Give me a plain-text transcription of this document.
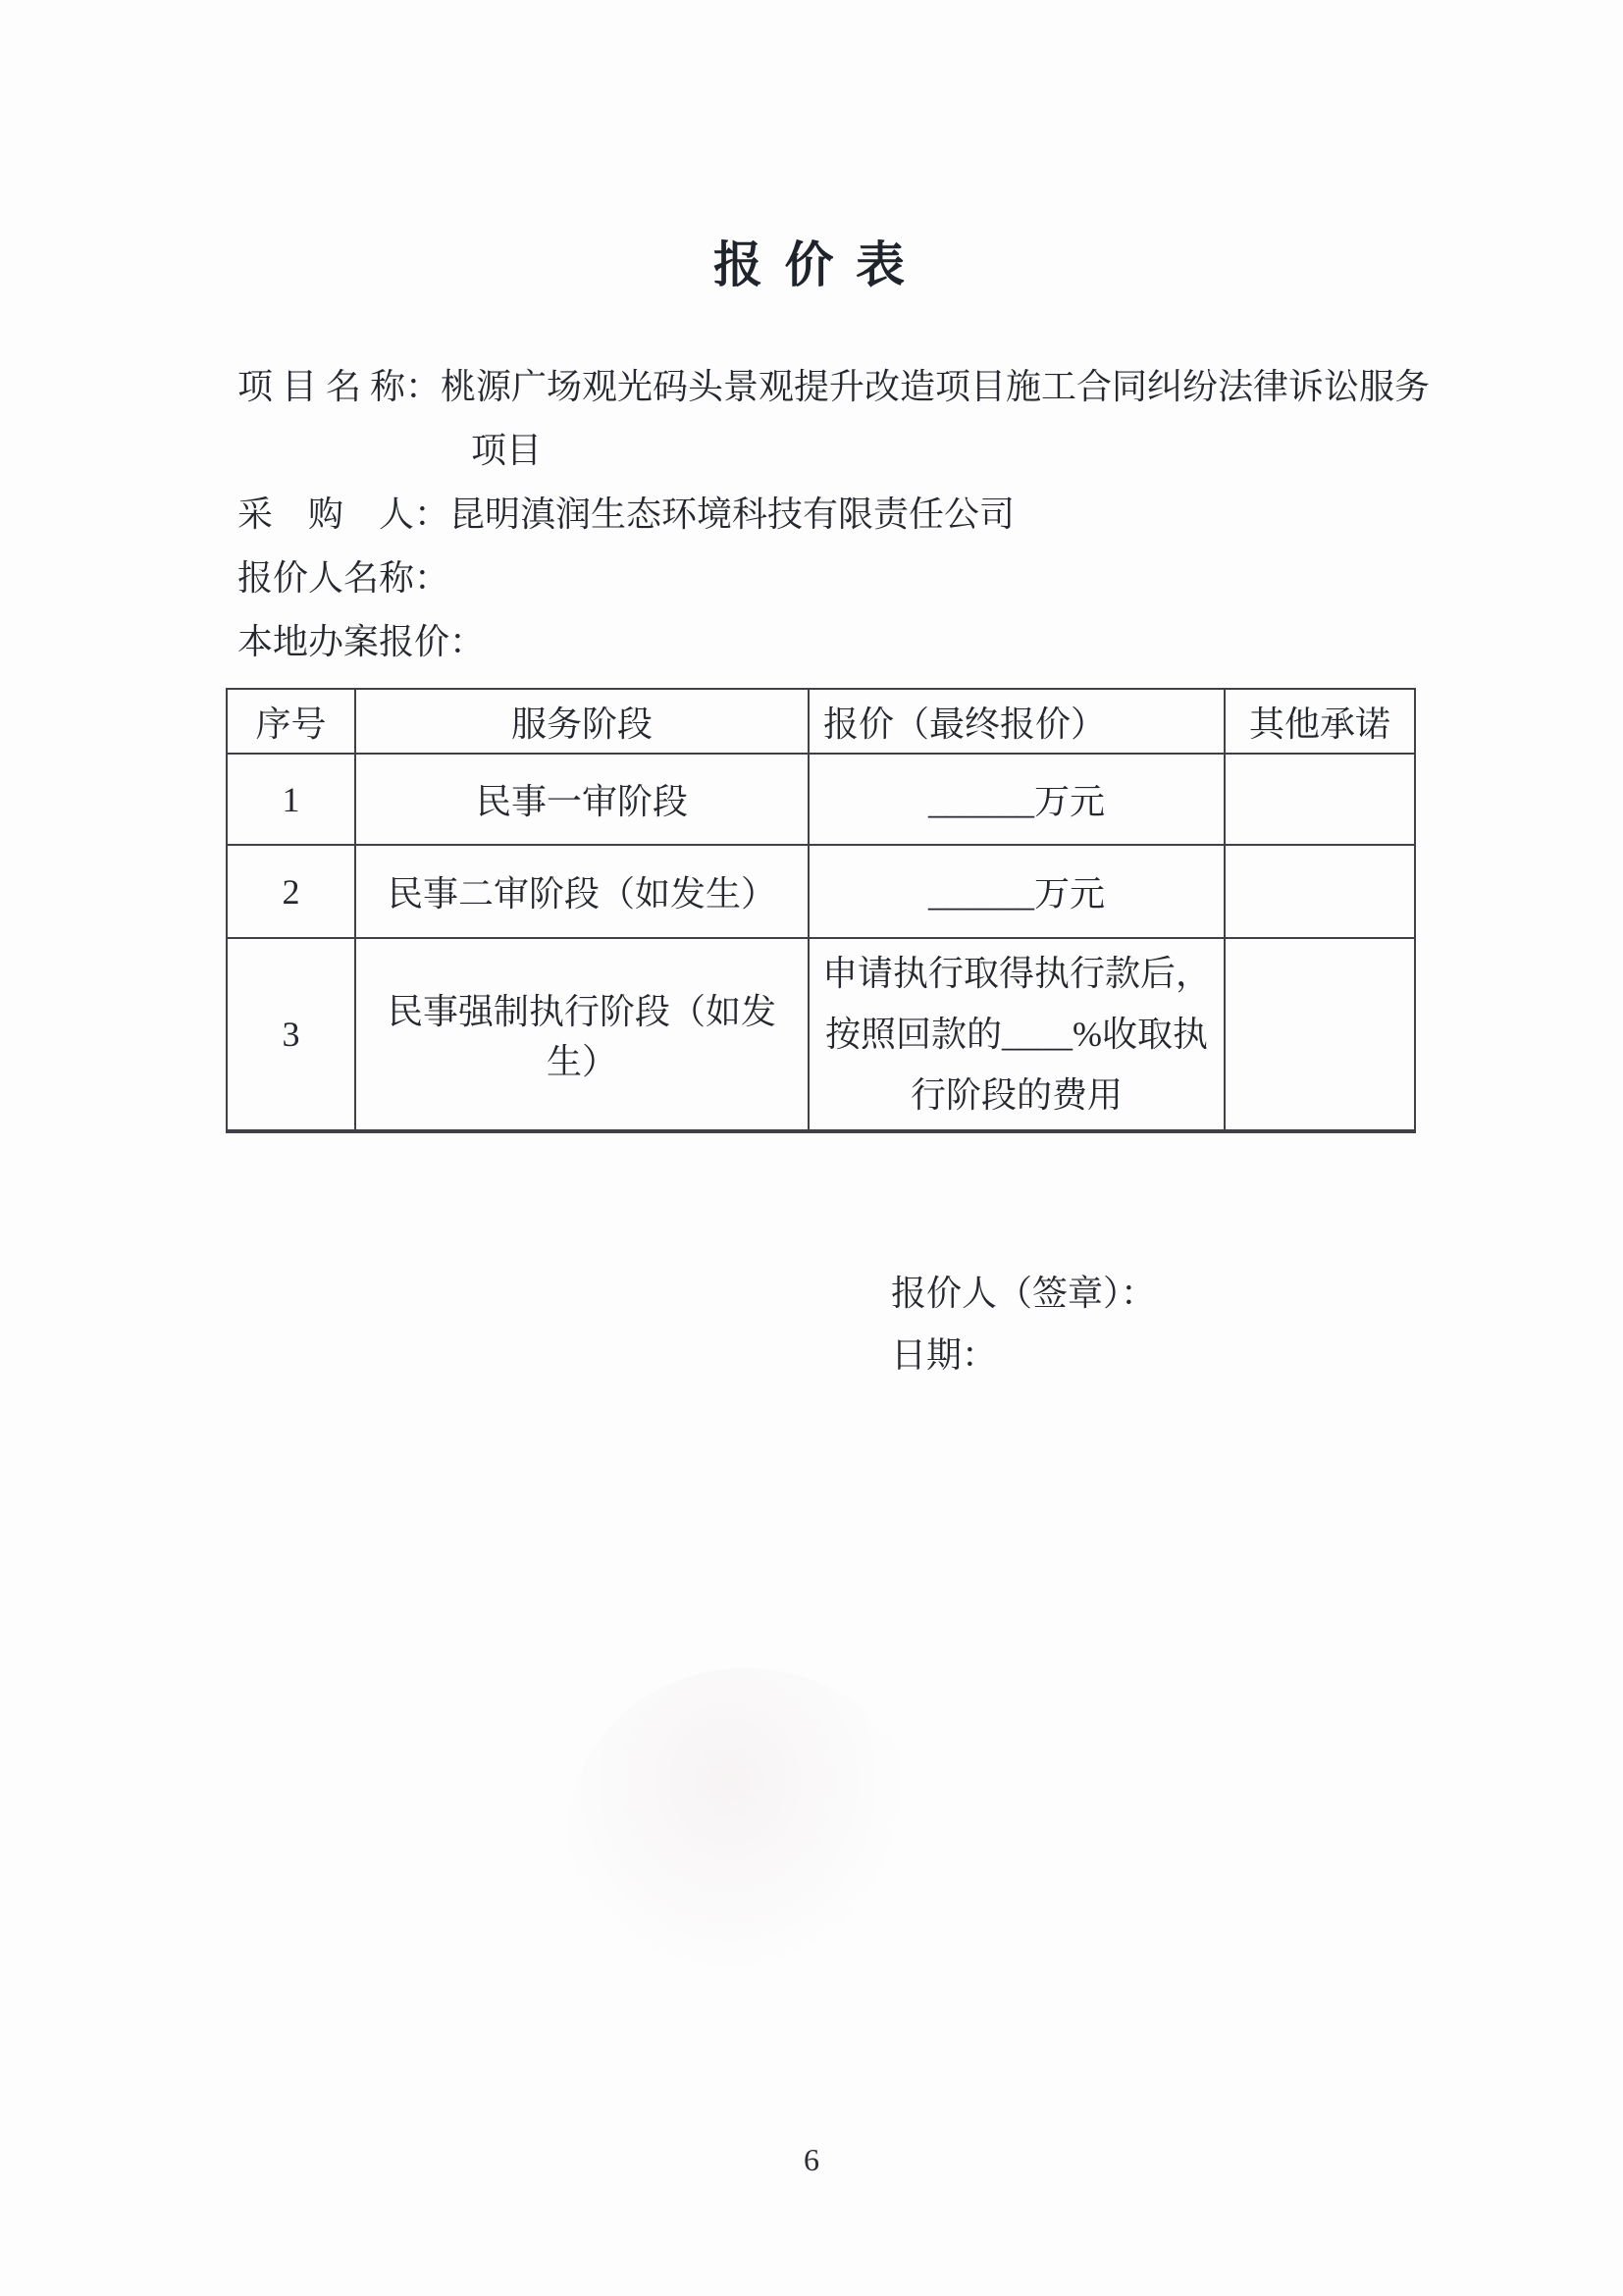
报 价 表
项 目 名 称：桃源广场观光码头景观提升改造项目施工合同纠纷法律诉讼服务
项目
采　购　人：昆明滇润生态环境科技有限责任公司
报价人名称：
本地办案报价：
序号	服务阶段	报价（最终报价）	其他承诺
1	民事一审阶段	______万元	
2	民事二审阶段（如发生）	______万元	
3	民事强制执行阶段（如发生）	申请执行取得执行款后，按照回款的____%收取执行阶段的费用	
报价人（签章）：
日期：
6
